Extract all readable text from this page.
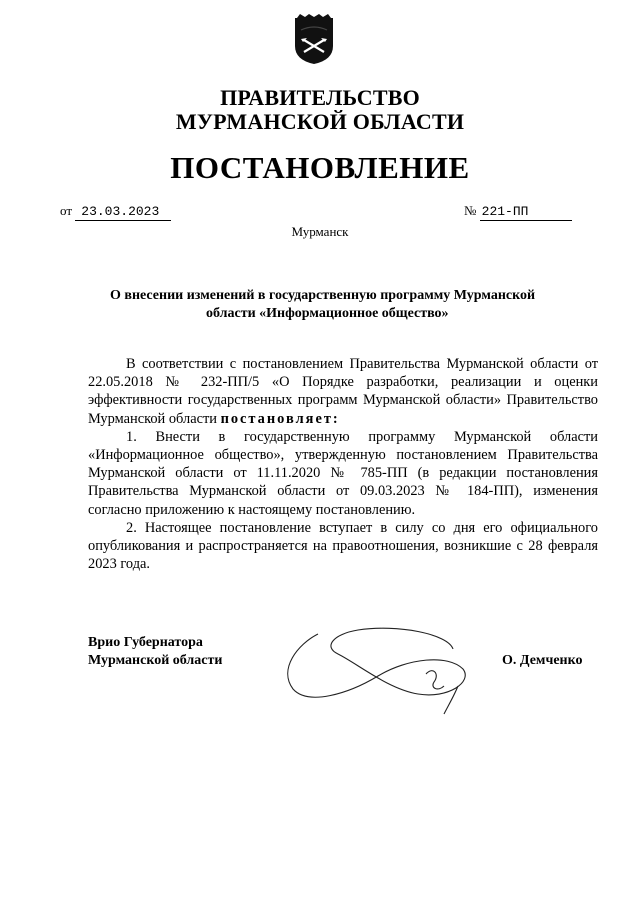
ПРАВИТЕЛЬСТВО
МУРМАНСКОЙ ОБЛАСТИ
ПОСТАНОВЛЕНИЕ
от 23.03.2023	№ 221-ПП
Мурманск
О внесении изменений в государственную программу Мурманской
области «Информационное общество»

В соответствии с постановлением Правительства Мурманской области от 22.05.2018 № 232-ПП/5 «О Порядке разработки, реализации и оценки эффективности государственных программ Мурманской области» Правительство Мурманской области постановляет:

1. Внести в государственную программу Мурманской области «Информационное общество», утвержденную постановлением Правительства Мурманской области от 11.11.2020 № 785-ПП (в редакции постановления Правительства Мурманской области от 09.03.2023 № 184-ПП), изменения согласно приложению к настоящему постановлению.

2. Настоящее постановление вступает в силу со дня его официального опубликования и распространяется на правоотношения, возникшие с 28 февраля 2023 года.

Врио Губернатора
Мурманской области	О. Демченко
